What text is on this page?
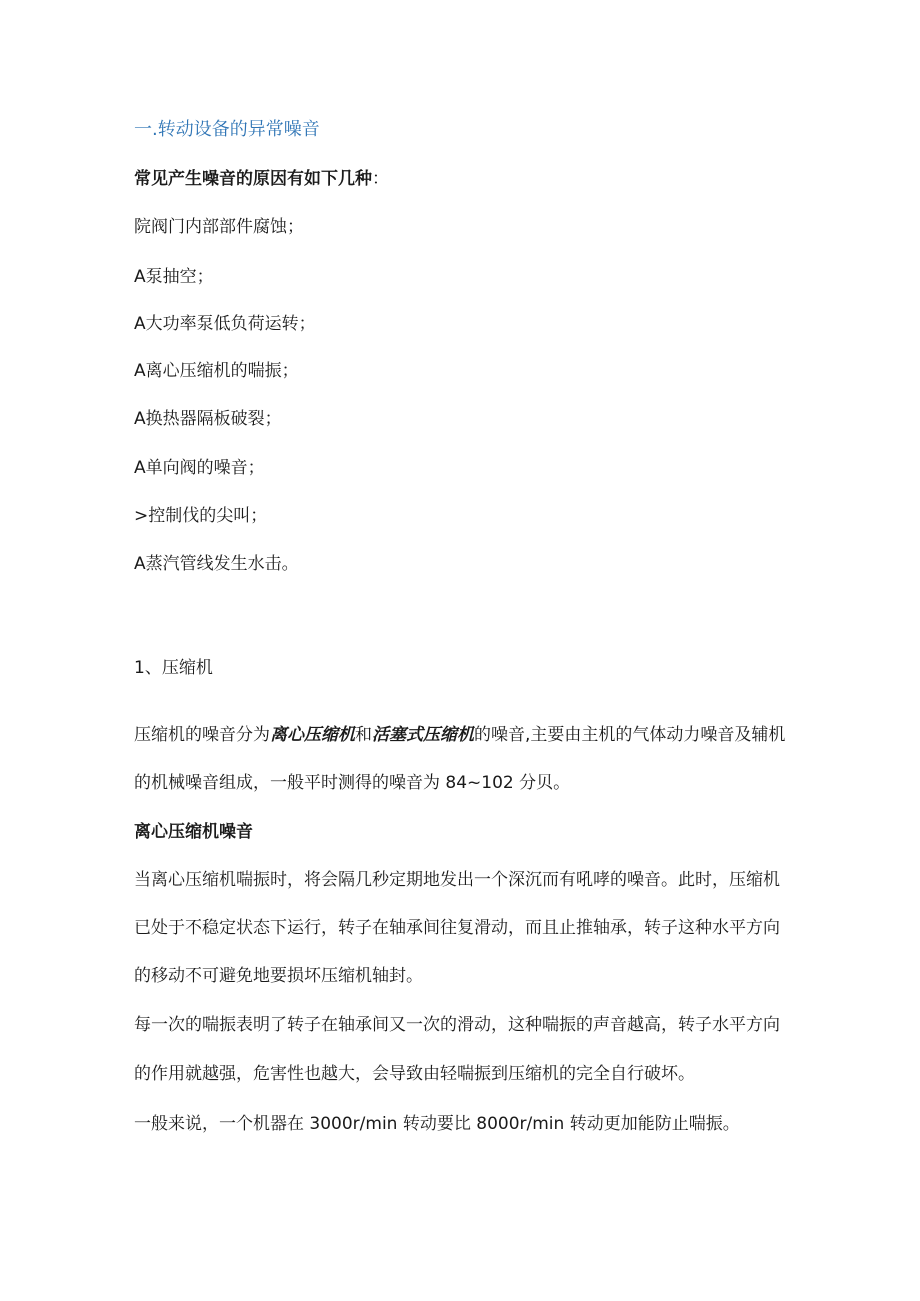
一.转动设备的异常噪音
常见产生噪音的原因有如下几种：
院阀门内部部件腐蚀；
A泵抽空；
A大功率泵低负荷运转；
A离心压缩机的喘振；
A换热器隔板破裂；
A单向阀的噪音；
>控制伐的尖叫；
A蒸汽管线发生水击。
1、压缩机
压缩机的噪音分为离心压缩机和活塞式压缩机的噪音,主要由主机的气体动力噪音及辅机
的机械噪音组成，一般平时测得的噪音为 84~102 分贝。
离心压缩机噪音
当离心压缩机喘振时，将会隔几秒定期地发出一个深沉而有吼哮的噪音。此时，压缩机
已处于不稳定状态下运行，转子在轴承间往复滑动，而且止推轴承，转子这种水平方向
的移动不可避免地要损坏压缩机轴封。
每一次的喘振表明了转子在轴承间又一次的滑动，这种喘振的声音越高，转子水平方向
的作用就越强，危害性也越大，会导致由轻喘振到压缩机的完全自行破坏。
一般来说，一个机器在 3000r/min 转动要比 8000r/min 转动更加能防止喘振。
